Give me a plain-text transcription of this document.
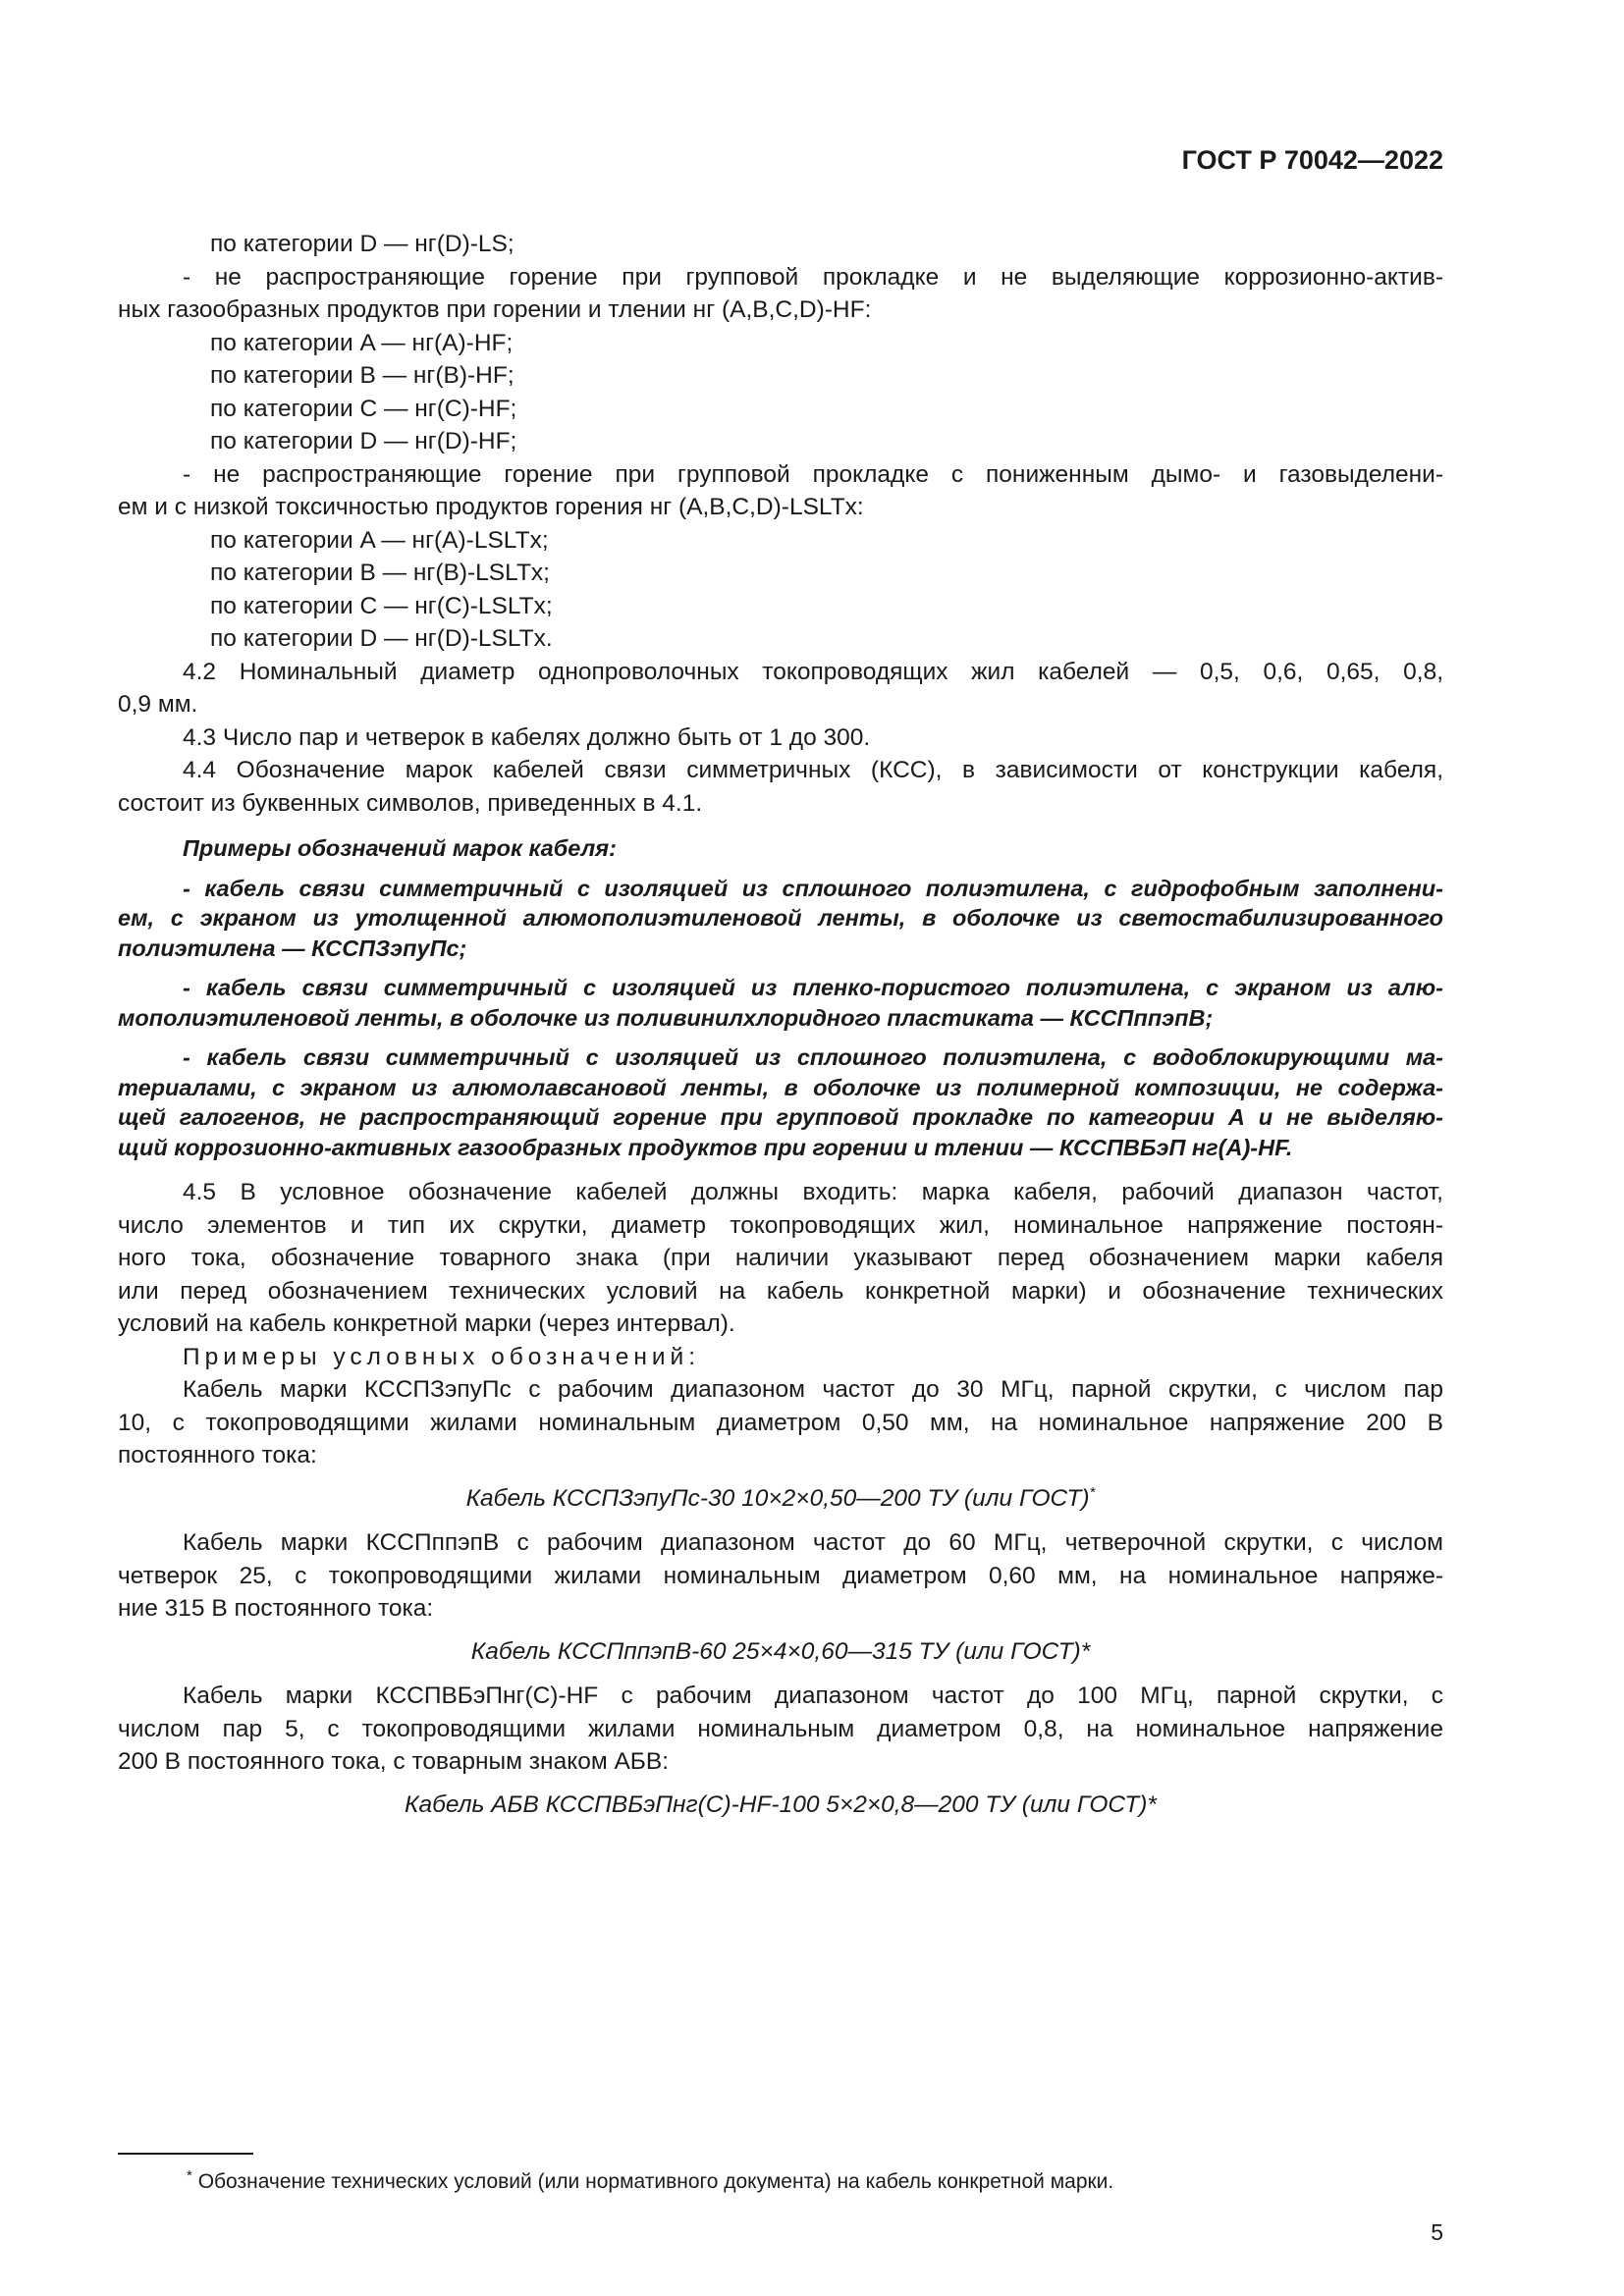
ГОСТ Р 70042—2022
по категории D — нг(D)-LS;
- не распространяющие горение при групповой прокладке и не выделяющие коррозионно-актив-
ных газообразных продуктов при горении и тлении нг (A,B,C,D)-HF:
по категории A — нг(A)-HF;
по категории B — нг(B)-HF;
по категории C — нг(C)-HF;
по категории D — нг(D)-HF;
- не распространяющие горение при групповой прокладке с пониженным дымо- и газовыделени-
ем и с низкой токсичностью продуктов горения нг (A,B,C,D)-LSLTx:
по категории A — нг(A)-LSLTx;
по категории B — нг(B)-LSLTx;
по категории C — нг(C)-LSLTx;
по категории D — нг(D)-LSLTx.
4.2 Номинальный диаметр однопроволочных токопроводящих жил кабелей — 0,5, 0,6, 0,65, 0,8,
0,9 мм.
4.3 Число пар и четверок в кабелях должно быть от 1 до 300.
4.4 Обозначение марок кабелей связи симметричных (КСС), в зависимости от конструкции кабеля,
состоит из буквенных символов, приведенных в 4.1.
Примеры обозначений марок кабеля:
- кабель связи симметричный с изоляцией из сплошного полиэтилена, с гидрофобным заполнени-
ем, с экраном из утолщенной алюмополиэтиленовой ленты, в оболочке из светостабилизированного
полиэтилена — КССПЗэпуПс;
- кабель связи симметричный с изоляцией из пленко-пористого полиэтилена, с экраном из алю-
мополиэтиленовой ленты, в оболочке из поливинилхлоридного пластиката — КССПппэпВ;
- кабель связи симметричный с изоляцией из сплошного полиэтилена, с водоблокирующими ма-
териалами, с экраном из алюмолавсановой ленты, в оболочке из полимерной композиции, не содержа-
щей галогенов, не распространяющий горение при групповой прокладке по категории А и не выделяю-
щий коррозионно-активных газообразных продуктов при горении и тлении — КССПВБэП нг(А)-HF.
4.5 В условное обозначение кабелей должны входить: марка кабеля, рабочий диапазон частот,
число элементов и тип их скрутки, диаметр токопроводящих жил, номинальное напряжение постоян-
ного тока, обозначение товарного знака (при наличии указывают перед обозначением марки кабеля
или перед обозначением технических условий на кабель конкретной марки) и обозначение технических
условий на кабель конкретной марки (через интервал).
Примеры условных обозначений:
Кабель марки КССПЗэпуПс с рабочим диапазоном частот до 30 МГц, парной скрутки, с числом пар
10, с токопроводящими жилами номинальным диаметром 0,50 мм, на номинальное напряжение 200 В
постоянного тока:
Кабель КССПЗэпуПс-30 10×2×0,50—200 ТУ (или ГОСТ)*
Кабель марки КССПппэпВ с рабочим диапазоном частот до 60 МГц, четверочной скрутки, с числом
четверок 25, с токопроводящими жилами номинальным диаметром 0,60 мм, на номинальное напряже-
ние 315 В постоянного тока:
Кабель КССПппэпВ-60 25×4×0,60—315 ТУ (или ГОСТ)*
Кабель марки КССПВБэПнг(С)-HF с рабочим диапазоном частот до 100 МГц, парной скрутки, с
числом пар 5, с токопроводящими жилами номинальным диаметром 0,8, на номинальное напряжение
200 В постоянного тока, с товарным знаком АБВ:
Кабель АБВ КССПВБэПнг(С)-HF-100 5×2×0,8—200 ТУ (или ГОСТ)*
* Обозначение технических условий (или нормативного документа) на кабель конкретной марки.
5
